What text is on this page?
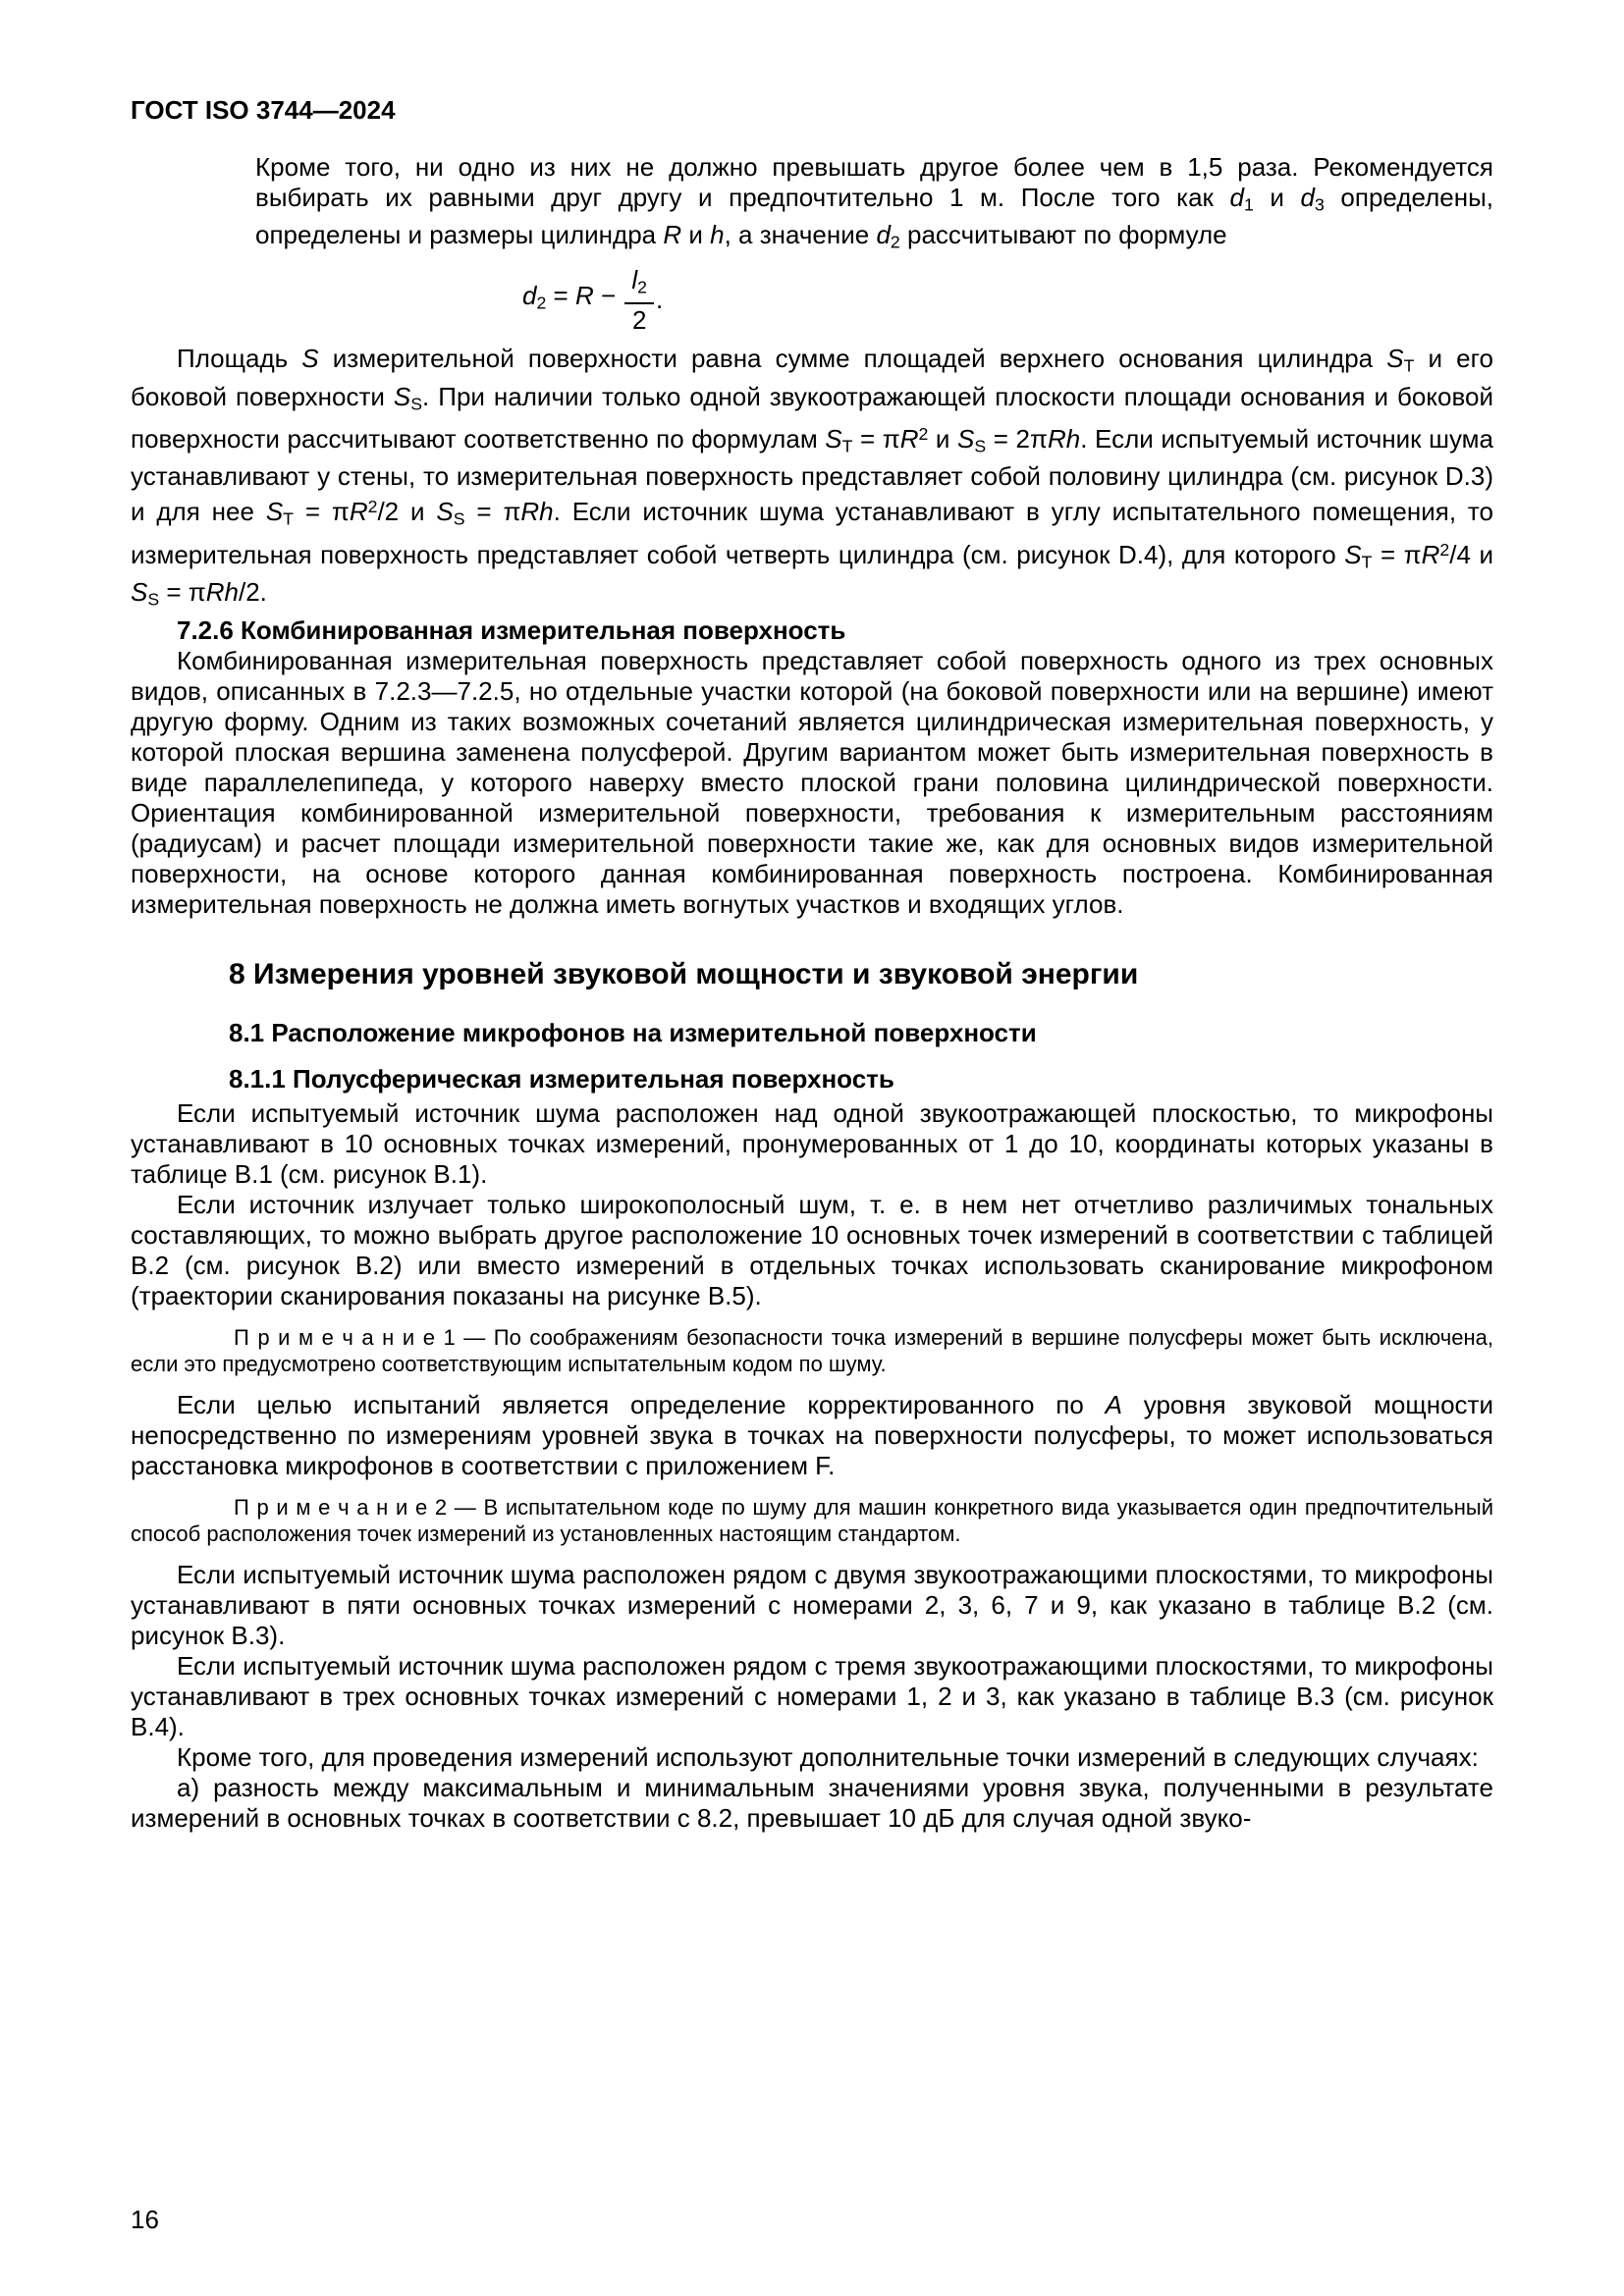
ГОСТ ISO 3744—2024

Кроме того, ни одно из них не должно превышать другое более чем в 1,5 раза. Рекомендуется выбирать их равными друг другу и предпочтительно 1 м. После того как $d_1$ и $d_3$ определены, определены и размеры цилиндра R и h, а значение $d_2$ рассчитывают по формуле

$d_2 = R - \frac{l_2}{2}$ .

Площадь S измерительной поверхности равна сумме площадей верхнего основания цилиндра $S_T$ и его боковой поверхности $S_S$. При наличии только одной звукоотражающей плоскости площади основания и боковой поверхности рассчитывают соответственно по формулам $S_T = \pi R^2$ и $S_S = 2\pi Rh$. Если испытуемый источник шума устанавливают у стены, то измерительная поверхность представляет собой половину цилиндра (см. рисунок D.3) и для нее $S_T = \pi R^2/2$ и $S_S = \pi Rh$. Если источник шума устанавливают в углу испытательного помещения, то измерительная поверхность представляет собой четверть цилиндра (см. рисунок D.4), для которого $S_T = \pi R^2/4$ и $S_S = \pi Rh/2$.

7.2.6 Комбинированная измерительная поверхность

Комбинированная измерительная поверхность представляет собой поверхность одного из трех основных видов, описанных в 7.2.3—7.2.5, но отдельные участки которой (на боковой поверхности или на вершине) имеют другую форму. Одним из таких возможных сочетаний является цилиндрическая измерительная поверхность, у которой плоская вершина заменена полусферой. Другим вариантом может быть измерительная поверхность в виде параллелепипеда, у которого наверху вместо плоской грани половина цилиндрической поверхности. Ориентация комбинированной измерительной поверхности, требования к измерительным расстояниям (радиусам) и расчет площади измерительной поверхности такие же, как для основных видов измерительной поверхности, на основе которого данная комбинированная поверхность построена. Комбинированная измерительная поверхность не должна иметь вогнутых участков и входящих углов.

8 Измерения уровней звуковой мощности и звуковой энергии
8.1 Расположение микрофонов на измерительной поверхности
8.1.1 Полусферическая измерительная поверхность

Если испытуемый источник шума расположен над одной звукоотражающей плоскостью, то микрофоны устанавливают в 10 основных точках измерений, пронумерованных от 1 до 10, координаты которых указаны в таблице В.1 (см. рисунок В.1).

Если источник излучает только широкополосный шум, т. е. в нем нет отчетливо различимых тональных составляющих, то можно выбрать другое расположение 10 основных точек измерений в соответствии с таблицей В.2 (см. рисунок В.2) или вместо измерений в отдельных точках использовать сканирование микрофоном (траектории сканирования показаны на рисунке В.5).

П р и м е ч а н и е 1 — По соображениям безопасности точка измерений в вершине полусферы может быть исключена, если это предусмотрено соответствующим испытательным кодом по шуму.

Если целью испытаний является определение корректированного по A уровня звуковой мощности непосредственно по измерениям уровней звука в точках на поверхности полусферы, то может использоваться расстановка микрофонов в соответствии с приложением F.

П р и м е ч а н и е 2 — В испытательном коде по шуму для машин конкретного вида указывается один предпочтительный способ расположения точек измерений из установленных настоящим стандартом.

Если испытуемый источник шума расположен рядом с двумя звукоотражающими плоскостями, то микрофоны устанавливают в пяти основных точках измерений с номерами 2, 3, 6, 7 и 9, как указано в таблице В.2 (см. рисунок В.3).

Если испытуемый источник шума расположен рядом с тремя звукоотражающими плоскостями, то микрофоны устанавливают в трех основных точках измерений с номерами 1, 2 и 3, как указано в таблице В.3 (см. рисунок В.4).

Кроме того, для проведения измерений используют дополнительные точки измерений в следующих случаях:

а) разность между максимальным и минимальным значениями уровня звука, полученными в результате измерений в основных точках в соответствии с 8.2, превышает 10 дБ для случая одной звуко-

16
